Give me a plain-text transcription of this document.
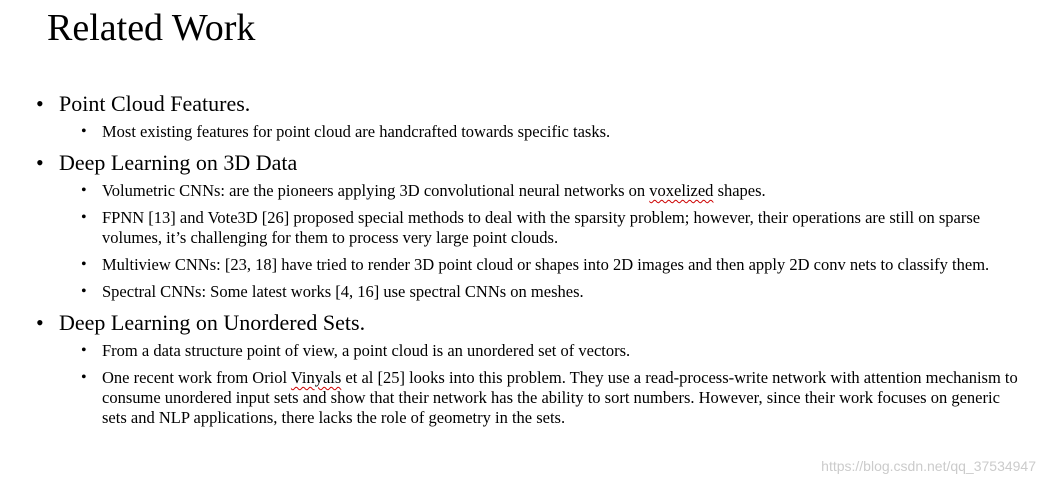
Related Work
• Point Cloud Features.
• Most existing features for point cloud are handcrafted towards specific tasks.
• Deep Learning on 3D Data
• Volumetric CNNs: are the pioneers applying 3D convolutional neural networks on voxelized shapes.
• FPNN [13] and Vote3D [26] proposed special methods to deal with the sparsity problem; however, their operations are still on sparse volumes, it’s challenging for them to process very large point clouds.
• Multiview CNNs: [23, 18] have tried to render 3D point cloud or shapes into 2D images and then apply 2D conv nets to classify them.
• Spectral CNNs: Some latest works [4, 16] use spectral CNNs on meshes.
• Deep Learning on Unordered Sets.
• From a data structure point of view, a point cloud is an unordered set of vectors.
• One recent work from Oriol Vinyals et al [25] looks into this problem. They use a read-process-write network with attention mechanism to consume unordered input sets and show that their network has the ability to sort numbers. However, since their work focuses on generic sets and NLP applications, there lacks the role of geometry in the sets.
https://blog.csdn.net/qq_37534947
